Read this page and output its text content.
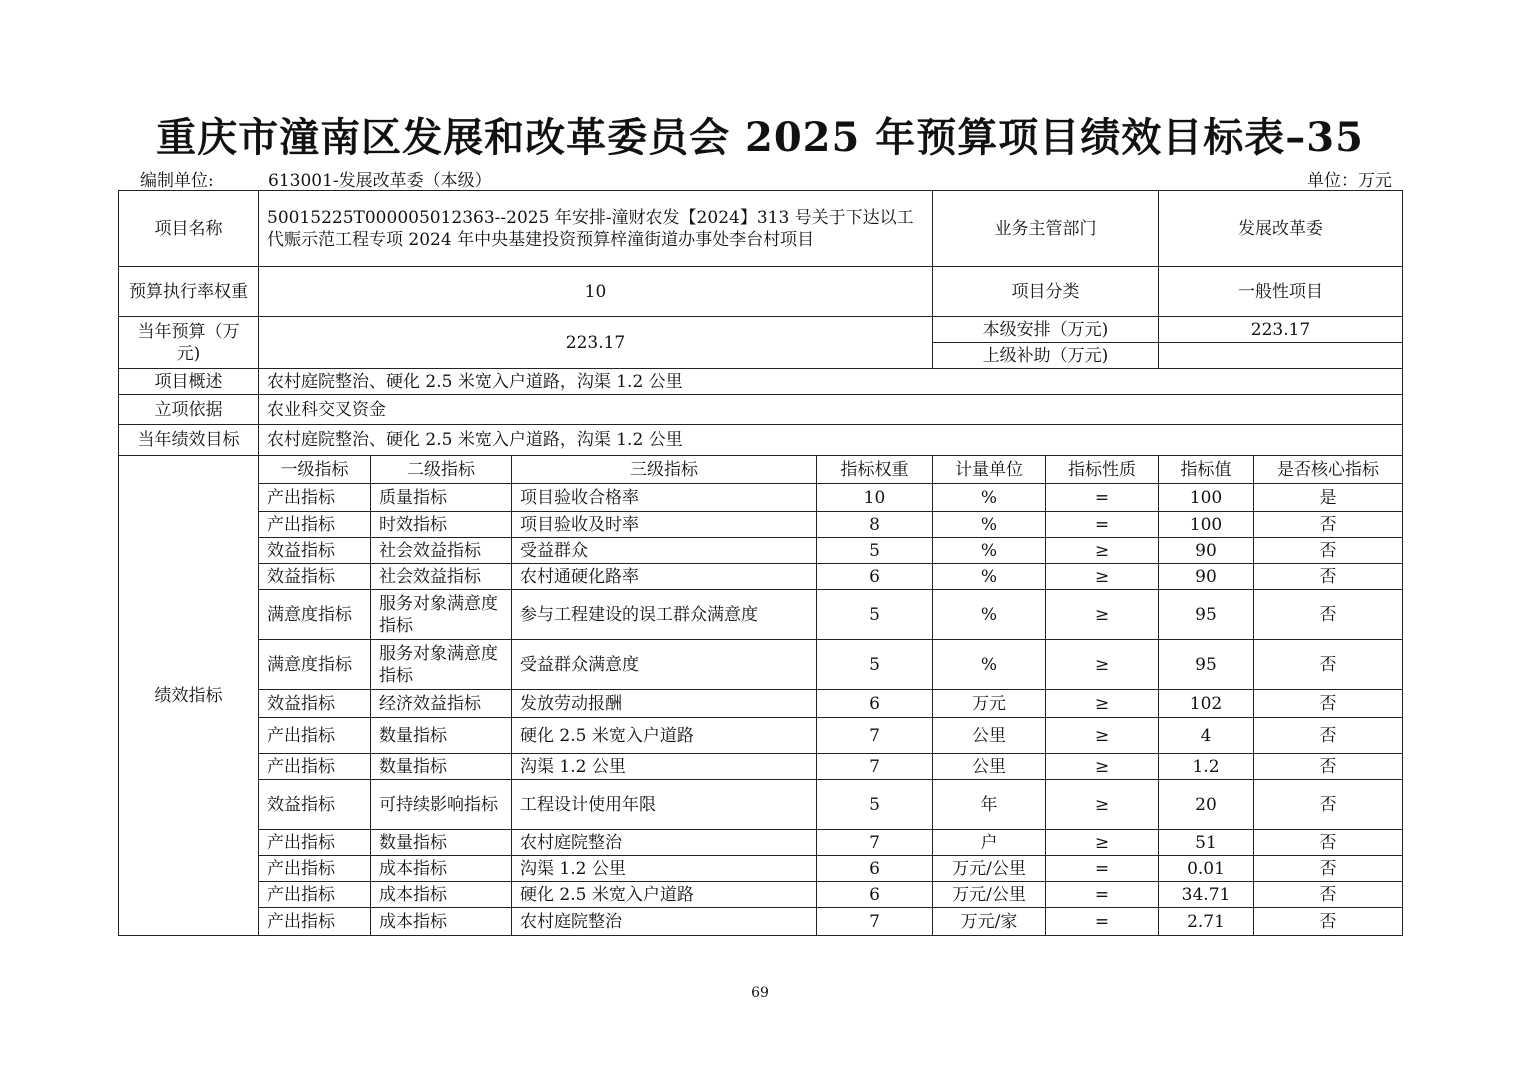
重庆市潼南区发展和改革委员会 2025 年预算项目绩效目标表–35
编制单位:	613001-发展改革委（本级）	单位：万元
项目名称	50015225T000005012363--2025 年安排-潼财农发【2024】313 号关于下达以工代赈示范工程专项 2024 年中央基建投资预算梓潼街道办事处李台村项目				业务主管部门		发展改革委	
预算执行率权重	10				项目分类		一般性项目	
当年预算（万元)	223.17				本级安排（万元)		223.17	
					上级补助（万元)			
项目概述	农村庭院整治、硬化 2.5 米宽入户道路，沟渠 1.2 公里							
立项依据	农业科交叉资金							
当年绩效目标	农村庭院整治、硬化 2.5 米宽入户道路，沟渠 1.2 公里							
绩效指标	一级指标	二级指标	三级指标	指标权重	计量单位	指标性质	指标值	是否核心指标
	产出指标	质量指标	项目验收合格率	10	%	=	100	是
	产出指标	时效指标	项目验收及时率	8	%	=	100	否
	效益指标	社会效益指标	受益群众	5	%	≥	90	否
	效益指标	社会效益指标	农村通硬化路率	6	%	≥	90	否
	满意度指标	服务对象满意度指标	参与工程建设的误工群众满意度	5	%	≥	95	否
	满意度指标	服务对象满意度指标	受益群众满意度	5	%	≥	95	否
	效益指标	经济效益指标	发放劳动报酬	6	万元	≥	102	否
	产出指标	数量指标	硬化 2.5 米宽入户道路	7	公里	≥	4	否
	产出指标	数量指标	沟渠 1.2 公里	7	公里	≥	1.2	否
	效益指标	可持续影响指标	工程设计使用年限	5	年	≥	20	否
	产出指标	数量指标	农村庭院整治	7	户	≥	51	否
	产出指标	成本指标	沟渠 1.2 公里	6	万元/公里	=	0.01	否
	产出指标	成本指标	硬化 2.5 米宽入户道路	6	万元/公里	=	34.71	否
	产出指标	成本指标	农村庭院整治	7	万元/家	=	2.71	否
69
